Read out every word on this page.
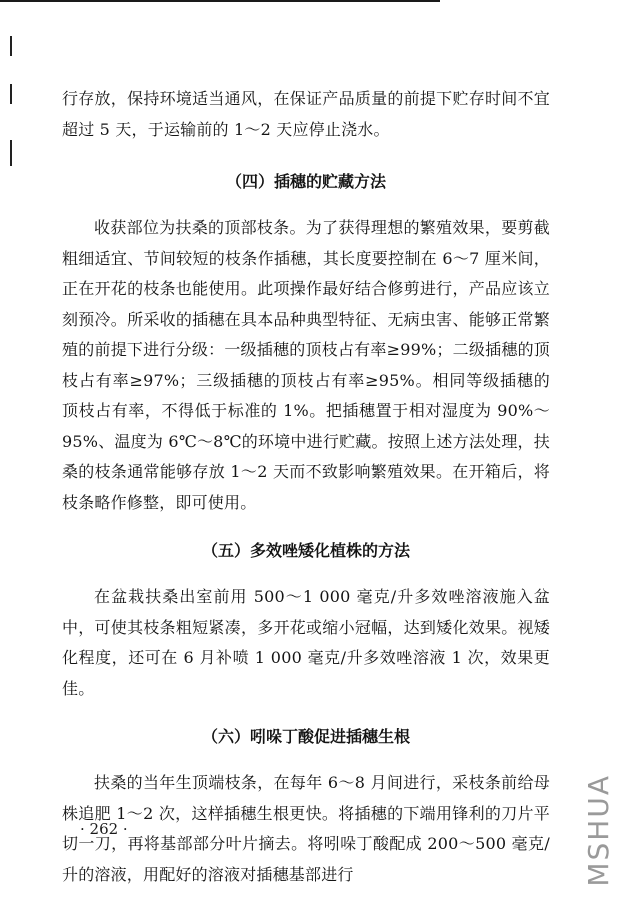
行存放，保持环境适当通风，在保证产品质量的前提下贮存时间不宜超过 5 天，于运输前的 1～2 天应停止浇水。

（四）插穗的贮藏方法

收获部位为扶桑的顶部枝条。为了获得理想的繁殖效果，要剪截粗细适宜、节间较短的枝条作插穗，其长度要控制在 6～7 厘米间，正在开花的枝条也能使用。此项操作最好结合修剪进行，产品应该立刻预冷。所采收的插穗在具本品种典型特征、无病虫害、能够正常繁殖的前提下进行分级：一级插穗的顶枝占有率≥99%；二级插穗的顶枝占有率≥97%；三级插穗的顶枝占有率≥95%。相同等级插穗的顶枝占有率，不得低于标准的 1%。把插穗置于相对湿度为 90%～95%、温度为 6℃～8℃的环境中进行贮藏。按照上述方法处理，扶桑的枝条通常能够存放 1～2 天而不致影响繁殖效果。在开箱后，将枝条略作修整，即可使用。

（五）多效唑矮化植株的方法

在盆栽扶桑出室前用 500～1 000 毫克/升多效唑溶液施入盆中，可使其枝条粗短紧凑，多开花或缩小冠幅，达到矮化效果。视矮化程度，还可在 6 月补喷 1 000 毫克/升多效唑溶液 1 次，效果更佳。

（六）吲哚丁酸促进插穗生根

扶桑的当年生顶端枝条，在每年 6～8 月间进行，采枝条前给母株追肥 1～2 次，这样插穗生根更快。将插穗的下端用锋利的刀片平切一刀，再将基部部分叶片摘去。将吲哚丁酸配成 200～500 毫克/升的溶液，用配好的溶液对插穗基部进行

· 262 ·	MSHUA
